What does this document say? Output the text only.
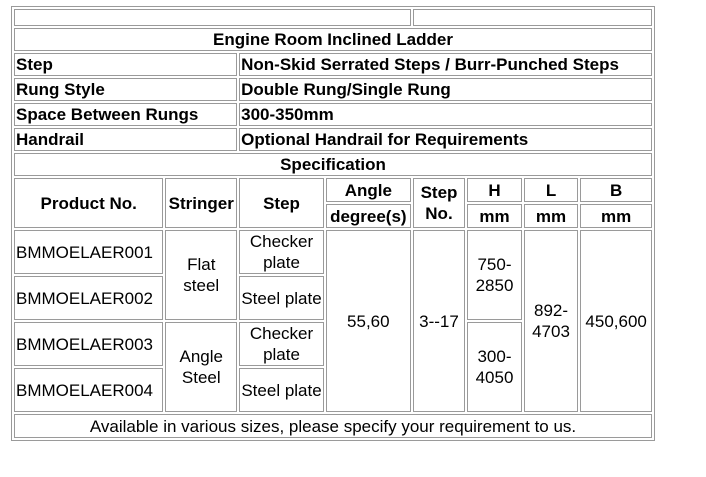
Engine Room Inclined Ladder							
Step		Non-Skid Serrated Steps / Burr-Punched Steps					
Rung Style		Double Rung/Single Rung					
Space Between Rungs		300-350mm					
Handrail		Optional Handrail for Requirements					
Specification							
Product No.	Stringer	Step	Angle	Step No.	H	L	B
			degree(s)		mm	mm	mm
BMMOELAER001	Flat steel	Checker plate	55,60	3--17	750-2850	892-4703	450,600
BMMOELAER002		Steel plate					
BMMOELAER003	Angle Steel	Checker plate			300-4050		
BMMOELAER004		Steel plate					
Available in various sizes, please specify your requirement to us.							
